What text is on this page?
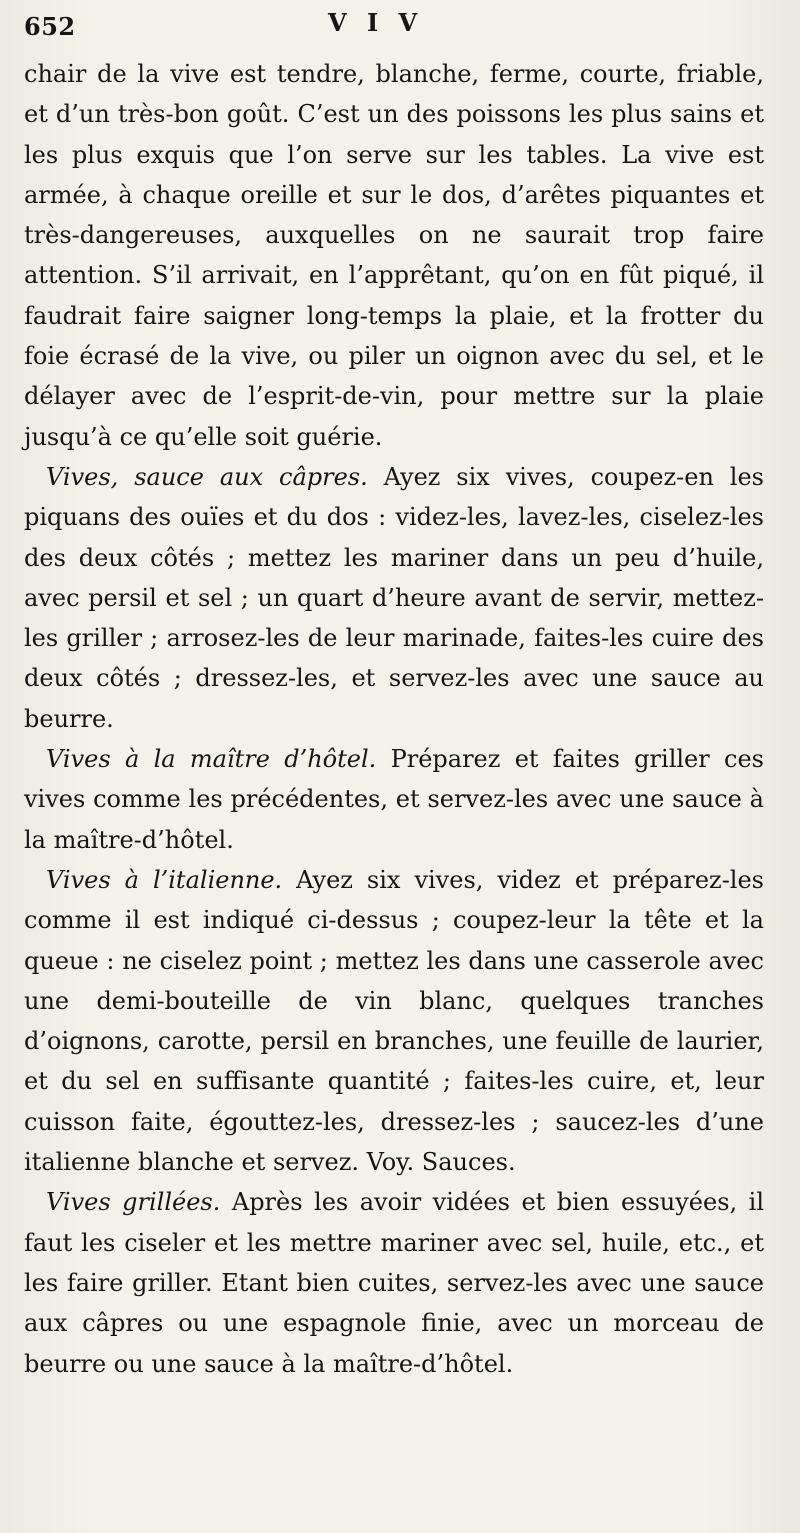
652	V I V

chair de la vive est tendre, blanche, ferme, courte, friable, et d’un très-bon goût. C’est un des poissons les plus sains et les plus exquis que l’on serve sur les tables. La vive est armée, à chaque oreille et sur le dos, d’arêtes piquantes et très-dangereuses, auxquelles on ne saurait trop faire attention. S’il arrivait, en l’apprêtant, qu’on en fût piqué, il faudrait faire saigner long-temps la plaie, et la frotter du foie écrasé de la vive, ou piler un oignon avec du sel, et le délayer avec de l’esprit-de-vin, pour mettre sur la plaie jusqu’à ce qu’elle soit guérie.

Vives, sauce aux câpres. Ayez six vives, coupez-en les piquans des ouïes et du dos : videz-les, lavez-les, ciselez-les des deux côtés ; mettez les mariner dans un peu d’huile, avec persil et sel ; un quart d’heure avant de servir, mettez-les griller ; arrosez-les de leur marinade, faites-les cuire des deux côtés ; dressez-les, et servez-les avec une sauce au beurre.

Vives à la maître d’hôtel. Préparez et faites griller ces vives comme les précédentes, et servez-les avec une sauce à la maître-d’hôtel.

Vives à l’italienne. Ayez six vives, videz et préparez-les comme il est indiqué ci-dessus ; coupez-leur la tête et la queue : ne ciselez point ; mettez les dans une casserole avec une demi-bouteille de vin blanc, quelques tranches d’oignons, carotte, persil en branches, une feuille de laurier, et du sel en suffisante quantité ; faites-les cuire, et, leur cuisson faite, égouttez-les, dressez-les ; saucez-les d’une italienne blanche et servez. Voy. Sauces.

Vives grillées. Après les avoir vidées et bien essuyées, il faut les ciseler et les mettre mariner avec sel, huile, etc., et les faire griller. Etant bien cuites, servez-les avec une sauce aux câpres ou une espagnole finie, avec un morceau de beurre ou une sauce à la maître-d’hôtel.
